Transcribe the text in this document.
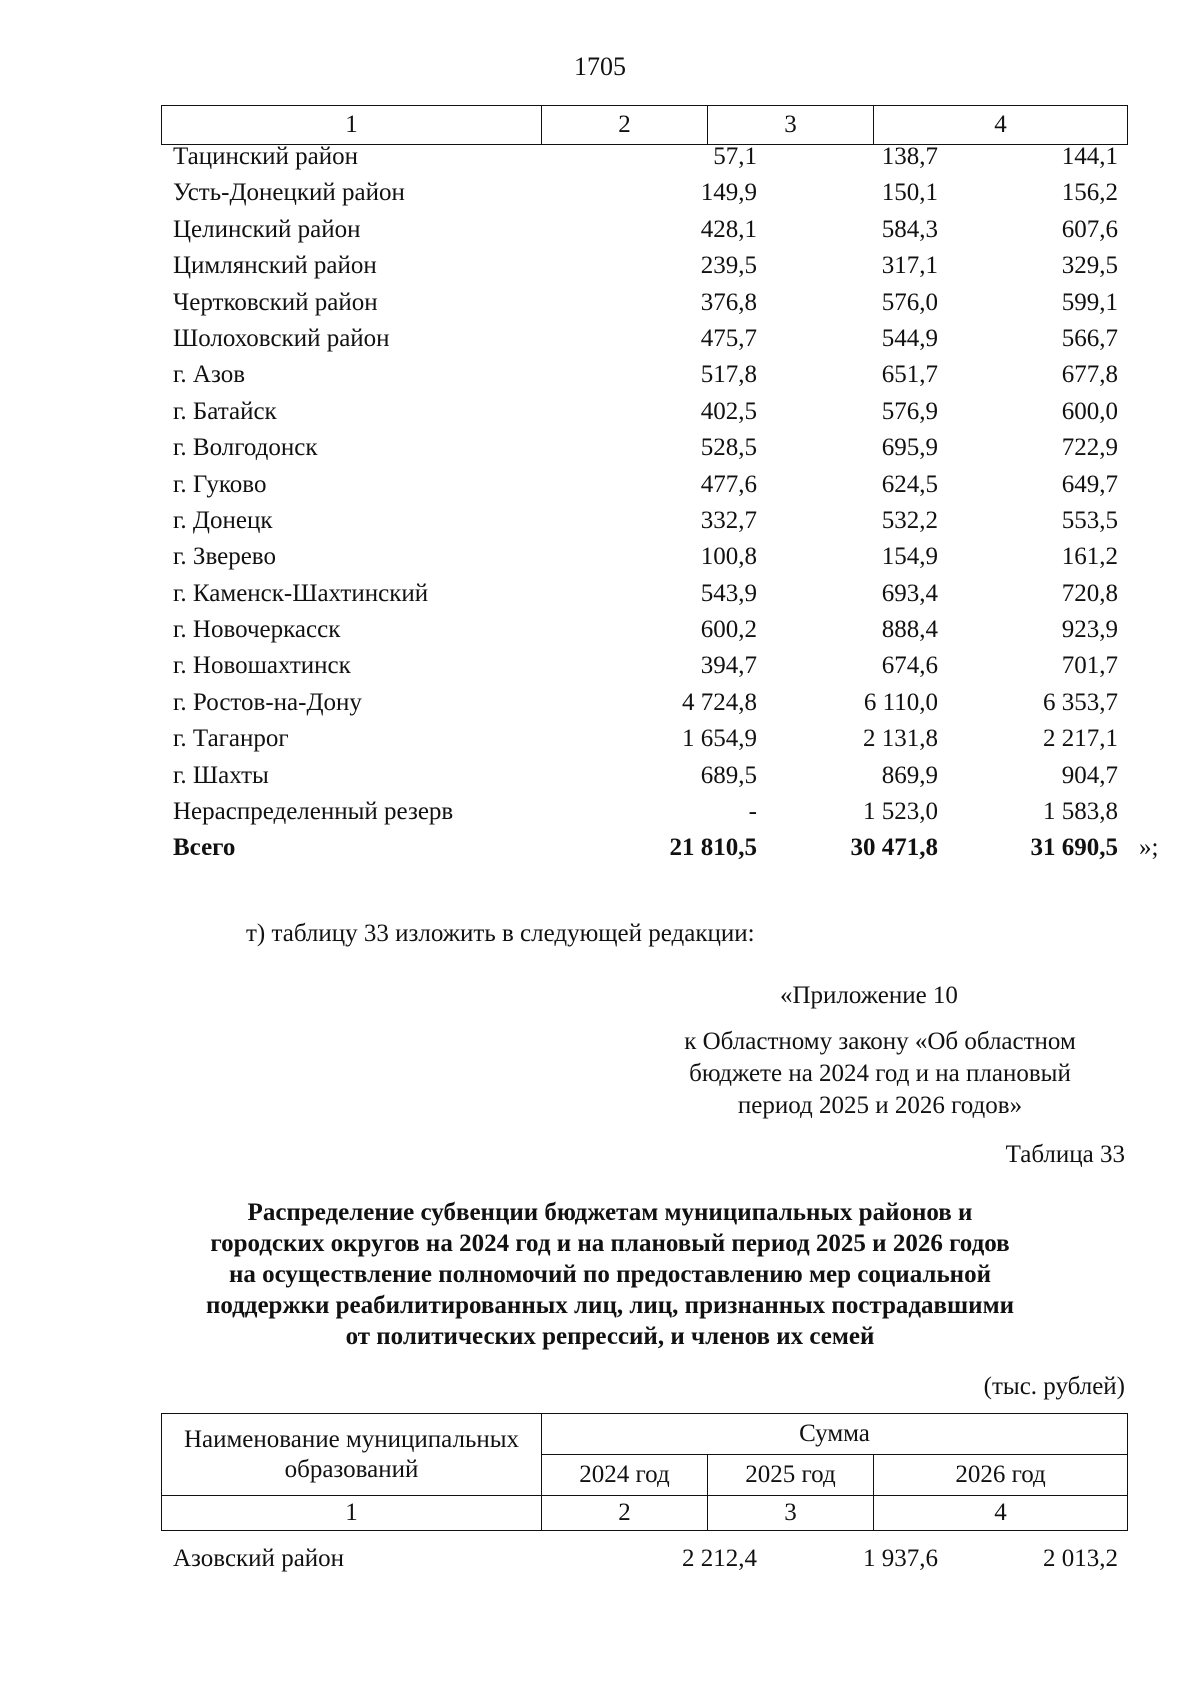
1705
1	2	3	4
Тацинский район	57,1	138,7	144,1
Усть-Донецкий район	149,9	150,1	156,2
Целинский район	428,1	584,3	607,6
Цимлянский район	239,5	317,1	329,5
Чертковский район	376,8	576,0	599,1
Шолоховский район	475,7	544,9	566,7
г. Азов	517,8	651,7	677,8
г. Батайск	402,5	576,9	600,0
г. Волгодонск	528,5	695,9	722,9
г. Гуково	477,6	624,5	649,7
г. Донецк	332,7	532,2	553,5
г. Зверево	100,8	154,9	161,2
г. Каменск-Шахтинский	543,9	693,4	720,8
г. Новочеркасск	600,2	888,4	923,9
г. Новошахтинск	394,7	674,6	701,7
г. Ростов-на-Дону	4 724,8	6 110,0	6 353,7
г. Таганрог	1 654,9	2 131,8	2 217,1
г. Шахты	689,5	869,9	904,7
Нераспределенный резерв	-	1 523,0	1 583,8
Всего	21 810,5	30 471,8	31 690,5 »;
т) таблицу 33 изложить в следующей редакции:
«Приложение 10
к Областному закону «Об областном
бюджете на 2024 год и на плановый
период 2025 и 2026 годов»
Таблица 33
Распределение субвенции бюджетам муниципальных районов и
городских округов на 2024 год и на плановый период 2025 и 2026 годов
на осуществление полномочий по предоставлению мер социальной
поддержки реабилитированных лиц, лиц, признанных пострадавшими
от политических репрессий, и членов их семей
(тыс. рублей)
Наименование муниципальных
образований	Сумма		
	2024 год	2025 год	2026 год
1	2	3	4
Азовский район	2 212,4	1 937,6	2 013,2
